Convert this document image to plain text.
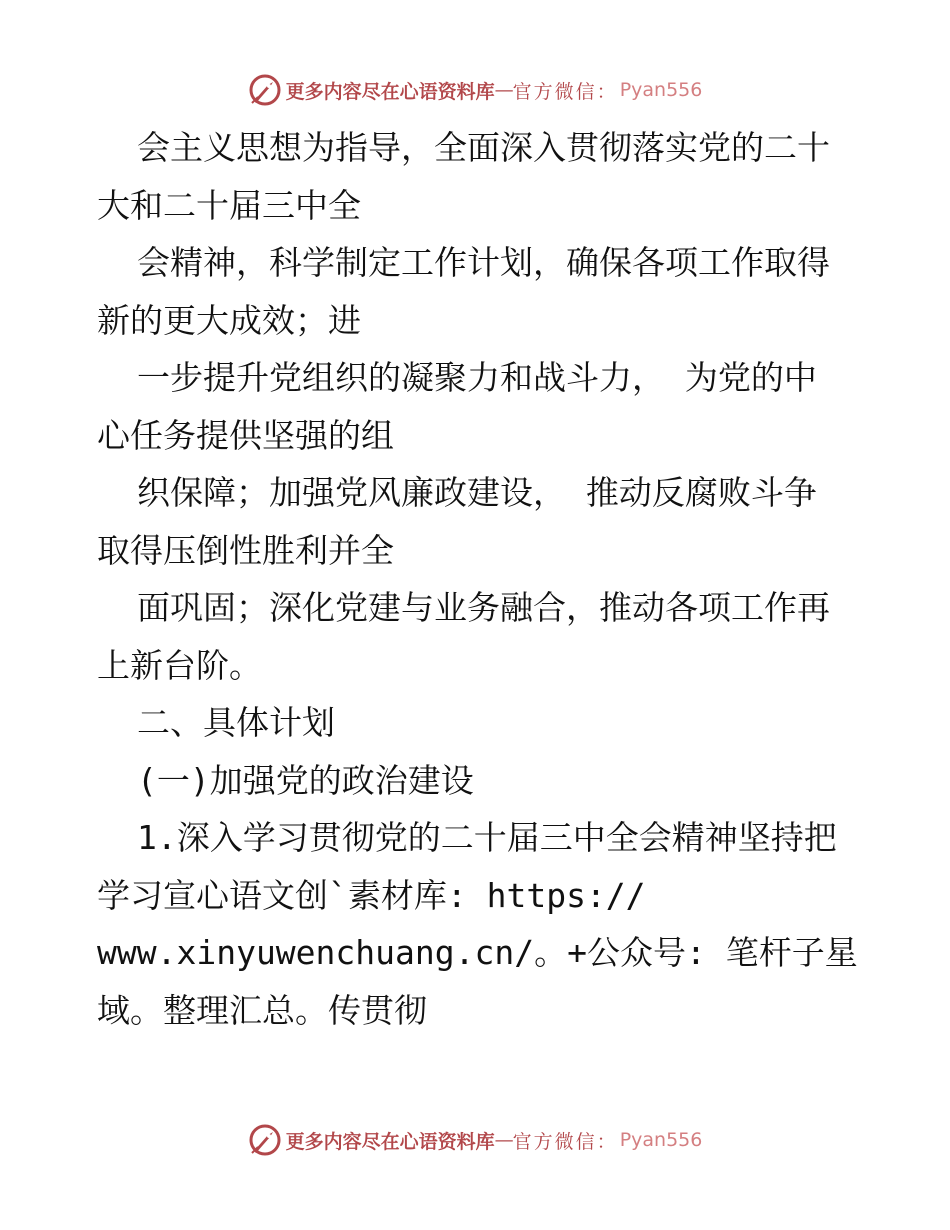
更多内容尽在心语资料库 — 官方微信： Pyan556
会主义思想为指导，全面深入贯彻落实党的二十
大和二十届三中全
会精神，科学制定工作计划，确保各项工作取得
新的更大成效；进
一步提升党组织的凝聚力和战斗力， 为党的中
心任务提供坚强的组
织保障；加强党风廉政建设， 推动反腐败斗争
取得压倒性胜利并全
面巩固；深化党建与业务融合，推动各项工作再
上新台阶。
二、具体计划
(一)加强党的政治建设
1.深入学习贯彻党的二十届三中全会精神坚持把
学习宣心语文创`素材库: https://
www.xinyuwenchuang.cn/。+公众号: 笔杆子星
域。整理汇总。传贯彻
更多内容尽在心语资料库 — 官方微信： Pyan556
